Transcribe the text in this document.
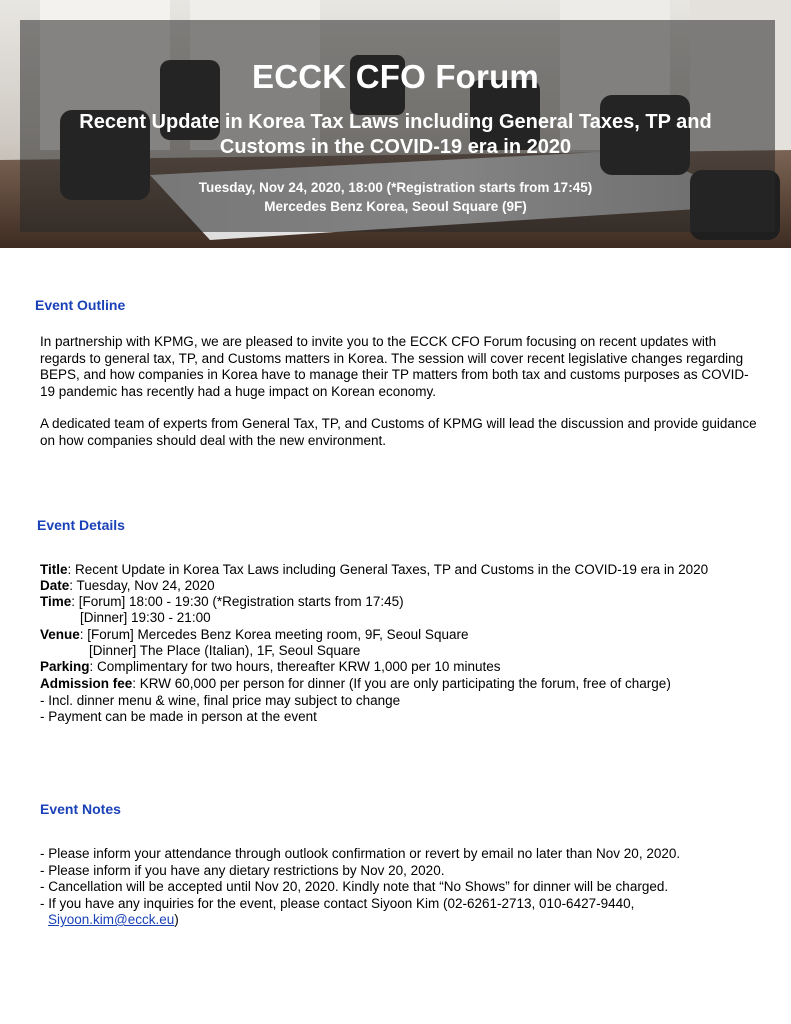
ECCK CFO Forum
Recent Update in Korea Tax Laws including General Taxes, TP and Customs in the COVID-19 era in 2020
Tuesday, Nov 24, 2020, 18:00 (*Registration starts from 17:45)
Mercedes Benz Korea, Seoul Square (9F)
Event Outline
In partnership with KPMG, we are pleased to invite you to the ECCK CFO Forum focusing on recent updates with regards to general tax, TP, and Customs matters in Korea. The session will cover recent legislative changes regarding BEPS, and how companies in Korea have to manage their TP matters from both tax and customs purposes as COVID-19 pandemic has recently had a huge impact on Korean economy.
A dedicated team of experts from General Tax, TP, and Customs of KPMG will lead the discussion and provide guidance on how companies should deal with the new environment.
Event Details
Title: Recent Update in Korea Tax Laws including General Taxes, TP and Customs in the COVID-19 era in 2020
Date: Tuesday, Nov 24, 2020
Time: [Forum] 18:00 - 19:30 (*Registration starts from 17:45)
[Dinner] 19:30 - 21:00
Venue: [Forum] Mercedes Benz Korea meeting room, 9F, Seoul Square
[Dinner] The Place (Italian), 1F, Seoul Square
Parking: Complimentary for two hours, thereafter KRW 1,000 per 10 minutes
Admission fee: KRW 60,000 per person for dinner (If you are only participating the forum, free of charge)
- Incl. dinner menu & wine, final price may subject to change
- Payment can be made in person at the event
Event Notes
- Please inform your attendance through outlook confirmation or revert by email no later than Nov 20, 2020.
- Please inform if you have any dietary restrictions by Nov 20, 2020.
- Cancellation will be accepted until Nov 20, 2020. Kindly note that “No Shows” for dinner will be charged.
- If you have any inquiries for the event, please contact Siyoon Kim (02-6261-2713, 010-6427-9440,
Siyoon.kim@ecck.eu)
